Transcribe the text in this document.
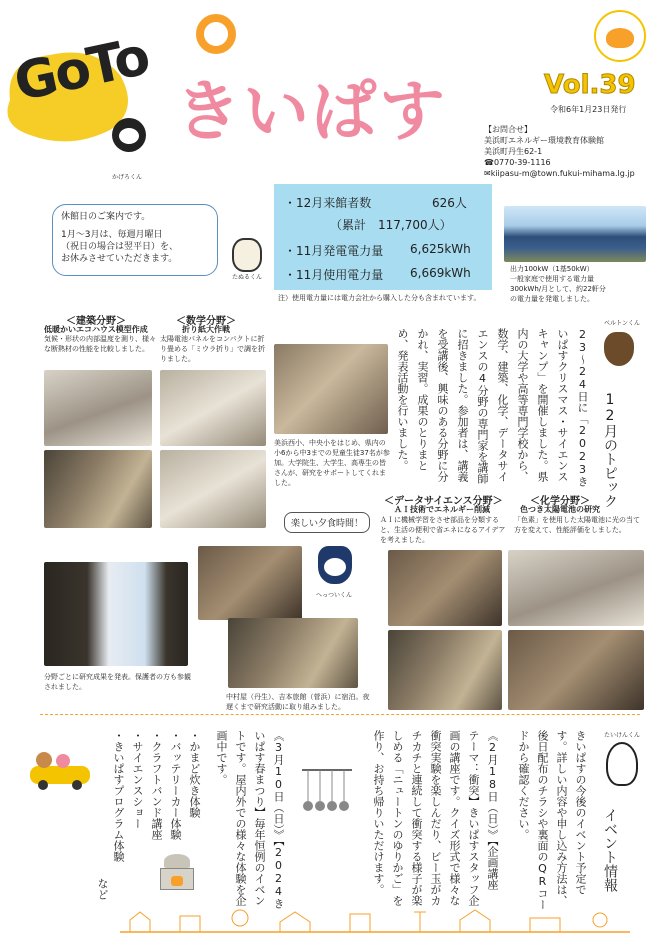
GoTo きいぱす
かげろくん
Vol.39
令和6年1月23日発行
【お問合せ】
美浜町エネルギー環境教育体験館
美浜町丹生62-1
☎0770-39-1116
✉kiipasu-m@town.fukui-mihama.lg.jp
休館日のご案内です。
1月～3月は、毎週月曜日
（祝日の場合は翌平日）を、
お休みさせていただきます。
たぬるくん
・12月来館者数	626人
（累計　117,700人）
・11月発電電力量 6,625kWh
・11月使用電力量 6,669kWh
注）使用電力量には電力会社から購入した分も含まれています。
出力100kW（1基50kW）
一般家庭で使用する電力量
300kWh/月として、約22軒分
の電力量を発電しました。
12月のトピック
ベルトンくん
23～24日に「2023きいぱすクリスマス・サイエンスキャンプ」を開催しました。県内の大学や高等専門学校から、数学、建築、化学、データサイエンスの4分野の専門家を講師に招きました。参加者は、講義を受講後、興味のある分野に分かれ、実習。成果のとりまとめ、発表活動を行いました。
＜建築分野＞
低暖かいエコハウス模型作成
気候・形状の内部温度を測り、様々な断熱材の性能を比較しました。
＜数学分野＞
折り紙大作戦
太陽電池パネルをコンパクトに折り畳める「ミウラ折り」で調を折りました。
美浜西小、中央小をはじめ、県内の小6から中3までの児童生徒37名が参加。大学院生、大学生、高専生の皆さんが、研究をサポートしてくれました。
＜データサイエンス分野＞
ＡＩ技術でエネルギー削減
ＡＩに機械学習をさせ部品を分類すると、生活の便利で省エネになるアイデアを考えました。
＜化学分野＞
色つき太陽電池の研究
「色素」を使用した太陽電池に光の当て方を変えて、性能評価をしました。
楽しい夕食時間！
へっついくん
中村屋（丹生）、吉本旅館（菅浜）に宿泊。夜遅くまで研究活動に取り組みました。
分野ごとに研究成果を発表。保護者の方も参観されました。
イベント情報
たいけんくん
きいぱすの今後のイベント予定です。詳しい内容や申し込み方法は、後日配布のチラシや裏面のQRコードから確認ください。
《2月18日（日）》【企画講座　テーマ：衝突】きいぱすスタッフ企画の講座です。クイズ形式で様々な衝突実験を楽しんだり、ビー玉がカチカチと連続して衝突する様子が楽しめる「ニュートンのゆりかご」を作り、お持ち帰りいただけます。
《3月10日（日）》【2024きいぱす春まつり】毎年恒例のイベントです。屋内外での様々な体験を企画中です。
・かまど炊き体験
・バッテリーカー体験
・クラフトバンド講座
・サイエンスショー
・きいぱすプログラム体験
など
